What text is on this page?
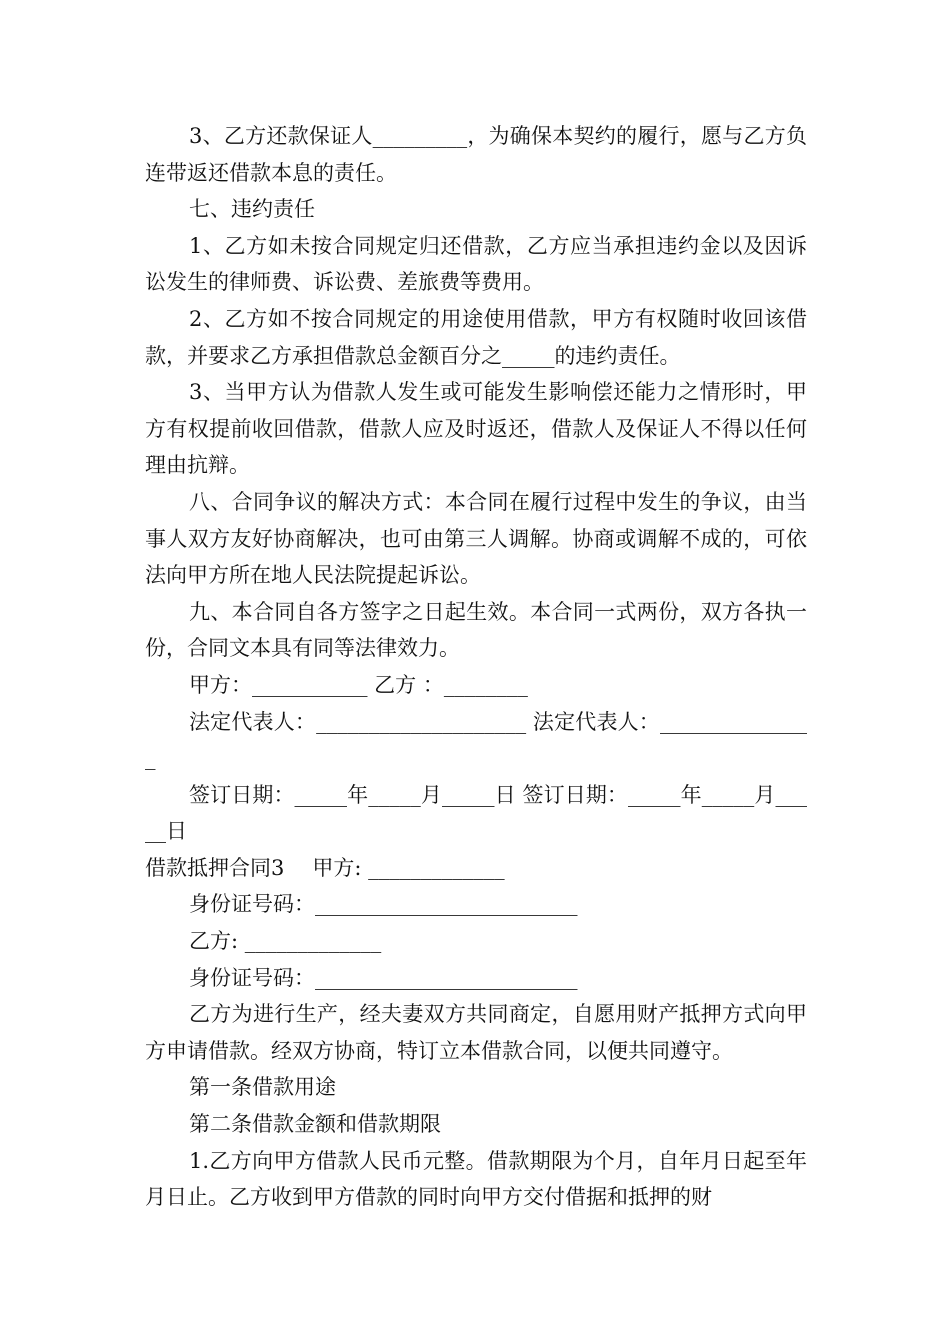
3、乙方还款保证人_________，为确保本契约的履行，愿与乙方负连带返还借款本息的责任。

七、违约责任

1、乙方如未按合同规定归还借款，乙方应当承担违约金以及因诉讼发生的律师费、诉讼费、差旅费等费用。

2、乙方如不按合同规定的用途使用借款，甲方有权随时收回该借款，并要求乙方承担借款总金额百分之_____的违约责任。

3、当甲方认为借款人发生或可能发生影响偿还能力之情形时，甲方有权提前收回借款，借款人应及时返还，借款人及保证人不得以任何理由抗辩。

八、合同争议的解决方式：本合同在履行过程中发生的争议，由当事人双方友好协商解决，也可由第三人调解。协商或调解不成的，可依法向甲方所在地人民法院提起诉讼。

九、本合同自各方签字之日起生效。本合同一式两份，双方各执一份，合同文本具有同等法律效力。

甲方：___________ 乙方 ：________

法定代表人：____________________ 法定代表人：_______________

签订日期：_____年_____月_____日 签订日期：_____年_____月_____日

借款抵押合同3 甲方: _____________

身份证号码：_________________________

乙方: _____________

身份证号码：_________________________

乙方为进行生产，经夫妻双方共同商定，自愿用财产抵押方式向甲方申请借款。经双方协商，特订立本借款合同，以便共同遵守。

第一条借款用途

第二条借款金额和借款期限

1.乙方向甲方借款人民币元整。借款期限为个月，自年月日起至年月日止。乙方收到甲方借款的同时向甲方交付借据和抵押的财
